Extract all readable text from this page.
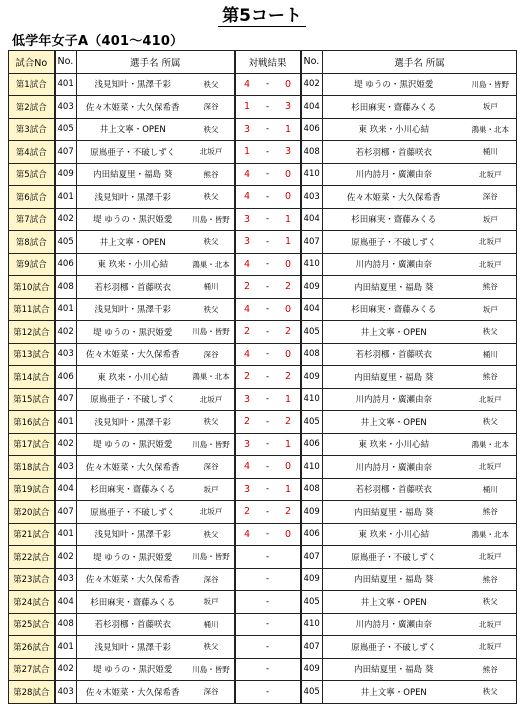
第5コート
低学年女子A（401～410）
試合No	No.	選手名 所属		対戦結果			No.	選手名 所属	
第1試合	401	浅見知叶・黒澤千彩	秩父	4	-	0	402	堤 ゆうの・黒沢姫愛	川島・皆野
第2試合	403	佐々木姫菜・大久保希香	深谷	1	-	3	404	杉田麻実・齋藤みくる	坂戸
第3試合	405	井上文寧・OPEN	秩父	3	-	1	406	東 玖来・小川心結	鴻巣・北本
第4試合	407	原嶌亜子・不破しずく	北坂戸	1	-	3	408	若杉羽梛・首藤咲衣	桶川
第5試合	409	内田結夏里・福島 葵	熊谷	4	-	0	410	川内詩月・廣瀬由奈	北坂戸
第6試合	401	浅見知叶・黒澤千彩	秩父	4	-	0	403	佐々木姫菜・大久保希香	深谷
第7試合	402	堤 ゆうの・黒沢姫愛	川島・皆野	3	-	1	404	杉田麻実・齋藤みくる	坂戸
第8試合	405	井上文寧・OPEN	秩父	3	-	1	407	原嶌亜子・不破しずく	北坂戸
第9試合	406	東 玖来・小川心結	鴻巣・北本	4	-	0	410	川内詩月・廣瀬由奈	北坂戸
第10試合	408	若杉羽梛・首藤咲衣	桶川	2	-	2	409	内田結夏里・福島 葵	熊谷
第11試合	401	浅見知叶・黒澤千彩	秩父	4	-	0	404	杉田麻実・齋藤みくる	坂戸
第12試合	402	堤 ゆうの・黒沢姫愛	川島・皆野	2	-	2	405	井上文寧・OPEN	秩父
第13試合	403	佐々木姫菜・大久保希香	深谷	4	-	0	408	若杉羽梛・首藤咲衣	桶川
第14試合	406	東 玖来・小川心結	鴻巣・北本	2	-	2	409	内田結夏里・福島 葵	熊谷
第15試合	407	原嶌亜子・不破しずく	北坂戸	3	-	1	410	川内詩月・廣瀬由奈	北坂戸
第16試合	401	浅見知叶・黒澤千彩	秩父	2	-	2	405	井上文寧・OPEN	秩父
第17試合	402	堤 ゆうの・黒沢姫愛	川島・皆野	3	-	1	406	東 玖来・小川心結	鴻巣・北本
第18試合	403	佐々木姫菜・大久保希香	深谷	4	-	0	410	川内詩月・廣瀬由奈	北坂戸
第19試合	404	杉田麻実・齋藤みくる	坂戸	3	-	1	408	若杉羽梛・首藤咲衣	桶川
第20試合	407	原嶌亜子・不破しずく	北坂戸	2	-	2	409	内田結夏里・福島 葵	熊谷
第21試合	401	浅見知叶・黒澤千彩	秩父	4	-	0	406	東 玖来・小川心結	鴻巣・北本
第22試合	402	堤 ゆうの・黒沢姫愛	川島・皆野		-		407	原嶌亜子・不破しずく	北坂戸
第23試合	403	佐々木姫菜・大久保希香	深谷		-		409	内田結夏里・福島 葵	熊谷
第24試合	404	杉田麻実・齋藤みくる	坂戸		-		405	井上文寧・OPEN	秩父
第25試合	408	若杉羽梛・首藤咲衣	桶川		-		410	川内詩月・廣瀬由奈	北坂戸
第26試合	401	浅見知叶・黒澤千彩	秩父		-		407	原嶌亜子・不破しずく	北坂戸
第27試合	402	堤 ゆうの・黒沢姫愛	川島・皆野		-		409	内田結夏里・福島 葵	熊谷
第28試合	403	佐々木姫菜・大久保希香	深谷		-		405	井上文寧・OPEN	秩父
